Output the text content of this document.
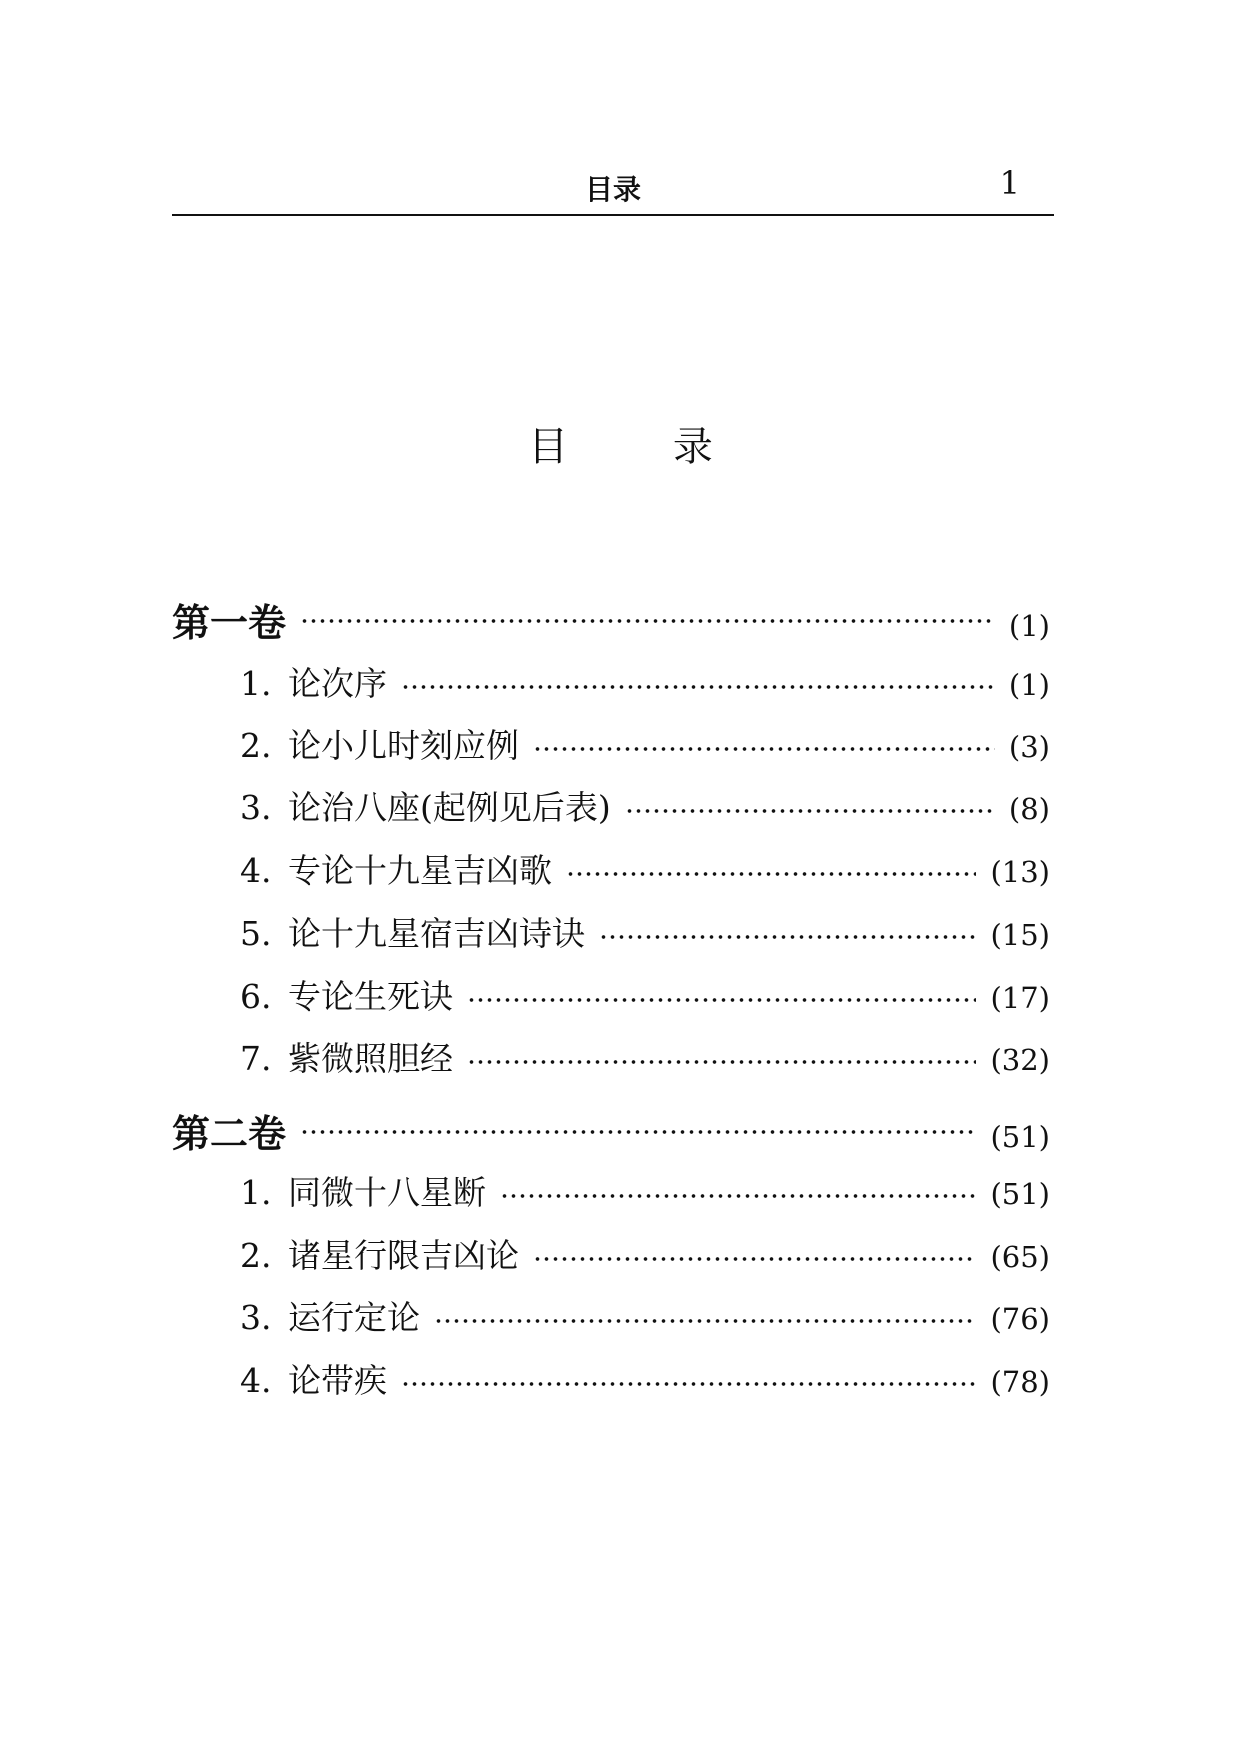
目录	1
目 录
第一卷	(1)
1. 论次序	(1)
2. 论小儿时刻应例	(3)
3. 论治八座(起例见后表)	(8)
4. 专论十九星吉凶歌	(13)
5. 论十九星宿吉凶诗诀	(15)
6. 专论生死诀	(17)
7. 紫微照胆经	(32)
第二卷	(51)
1. 同微十八星断	(51)
2. 诸星行限吉凶论	(65)
3. 运行定论	(76)
4. 论带疾	(78)
